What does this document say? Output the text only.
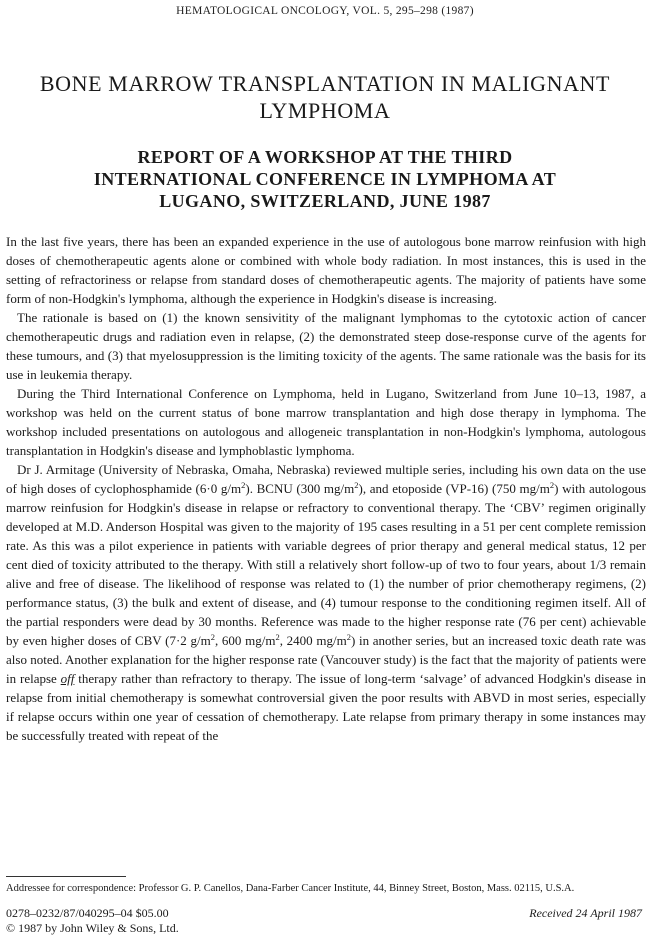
HEMATOLOGICAL ONCOLOGY, VOL. 5, 295–298 (1987)
BONE MARROW TRANSPLANTATION IN MALIGNANT
LYMPHOMA
REPORT OF A WORKSHOP AT THE THIRD
INTERNATIONAL CONFERENCE IN LYMPHOMA AT
LUGANO, SWITZERLAND, JUNE 1987

In the last five years, there has been an expanded experience in the use of autologous bone marrow reinfusion with high doses of chemotherapeutic agents alone or combined with whole body radiation. In most instances, this is used in the setting of refractoriness or relapse from standard doses of chemotherapeutic agents. The majority of patients have some form of non-Hodgkin's lymphoma, although the experience in Hodgkin's disease is increasing.

The rationale is based on (1) the known sensivitity of the malignant lymphomas to the cytotoxic action of cancer chemotherapeutic drugs and radiation even in relapse, (2) the demonstrated steep dose-response curve of the agents for these tumours, and (3) that myelosuppression is the limiting toxicity of the agents. The same rationale was the basis for its use in leukemia therapy.

During the Third International Conference on Lymphoma, held in Lugano, Switzerland from June 10–13, 1987, a workshop was held on the current status of bone marrow transplantation and high dose therapy in lymphoma. The workshop included presentations on autologous and allogeneic transplantation in non-Hodgkin's lymphoma, autologous transplantation in Hodgkin's disease and lymphoblastic lymphoma.

Dr J. Armitage (University of Nebraska, Omaha, Nebraska) reviewed multiple series, including his own data on the use of high doses of cyclophosphamide (6·0 $g/m^2$). BCNU (300 $mg/m^2$), and etoposide (VP-16) (750 $mg/m^2$) with autologous marrow reinfusion for Hodgkin's disease in relapse or refractory to conventional therapy. The ‘CBV’ regimen originally developed at M.D. Anderson Hospital was given to the majority of 195 cases resulting in a 51 per cent complete remission rate. As this was a pilot experience in patients with variable degrees of prior therapy and general medical status, 12 per cent died of toxicity attributed to the therapy. With still a relatively short follow-up of two to four years, about 1/3 remain alive and free of disease. The likelihood of response was related to (1) the number of prior chemotherapy regimens, (2) performance status, (3) the bulk and extent of disease, and (4) tumour response to the conditioning regimen itself. All of the partial responders were dead by 30 months. Reference was made to the higher response rate (76 per cent) achievable by even higher doses of CBV (7·2 $g/m^2$, 600 $mg/m^2$, 2400 $mg/m^2$) in another series, but an increased toxic death rate was also noted. Another explanation for the higher response rate (Vancouver study) is the fact that the majority of patients were in relapse off therapy rather than refractory to therapy. The issue of long-term ‘salvage’ of advanced Hodgkin's disease in relapse from initial chemotherapy is somewhat controversial given the poor results with ABVD in most series, especially if relapse occurs within one year of cessation of chemotherapy. Late relapse from primary therapy in some instances may be successfully treated with repeat of the

Addressee for correspondence: Professor G. P. Canellos, Dana-Farber Cancer Institute, 44, Binney Street, Boston, Mass. 02115, U.S.A.
0278–0232/87/040295–04 $05.00	Received 24 April 1987
© 1987 by John Wiley & Sons, Ltd.
